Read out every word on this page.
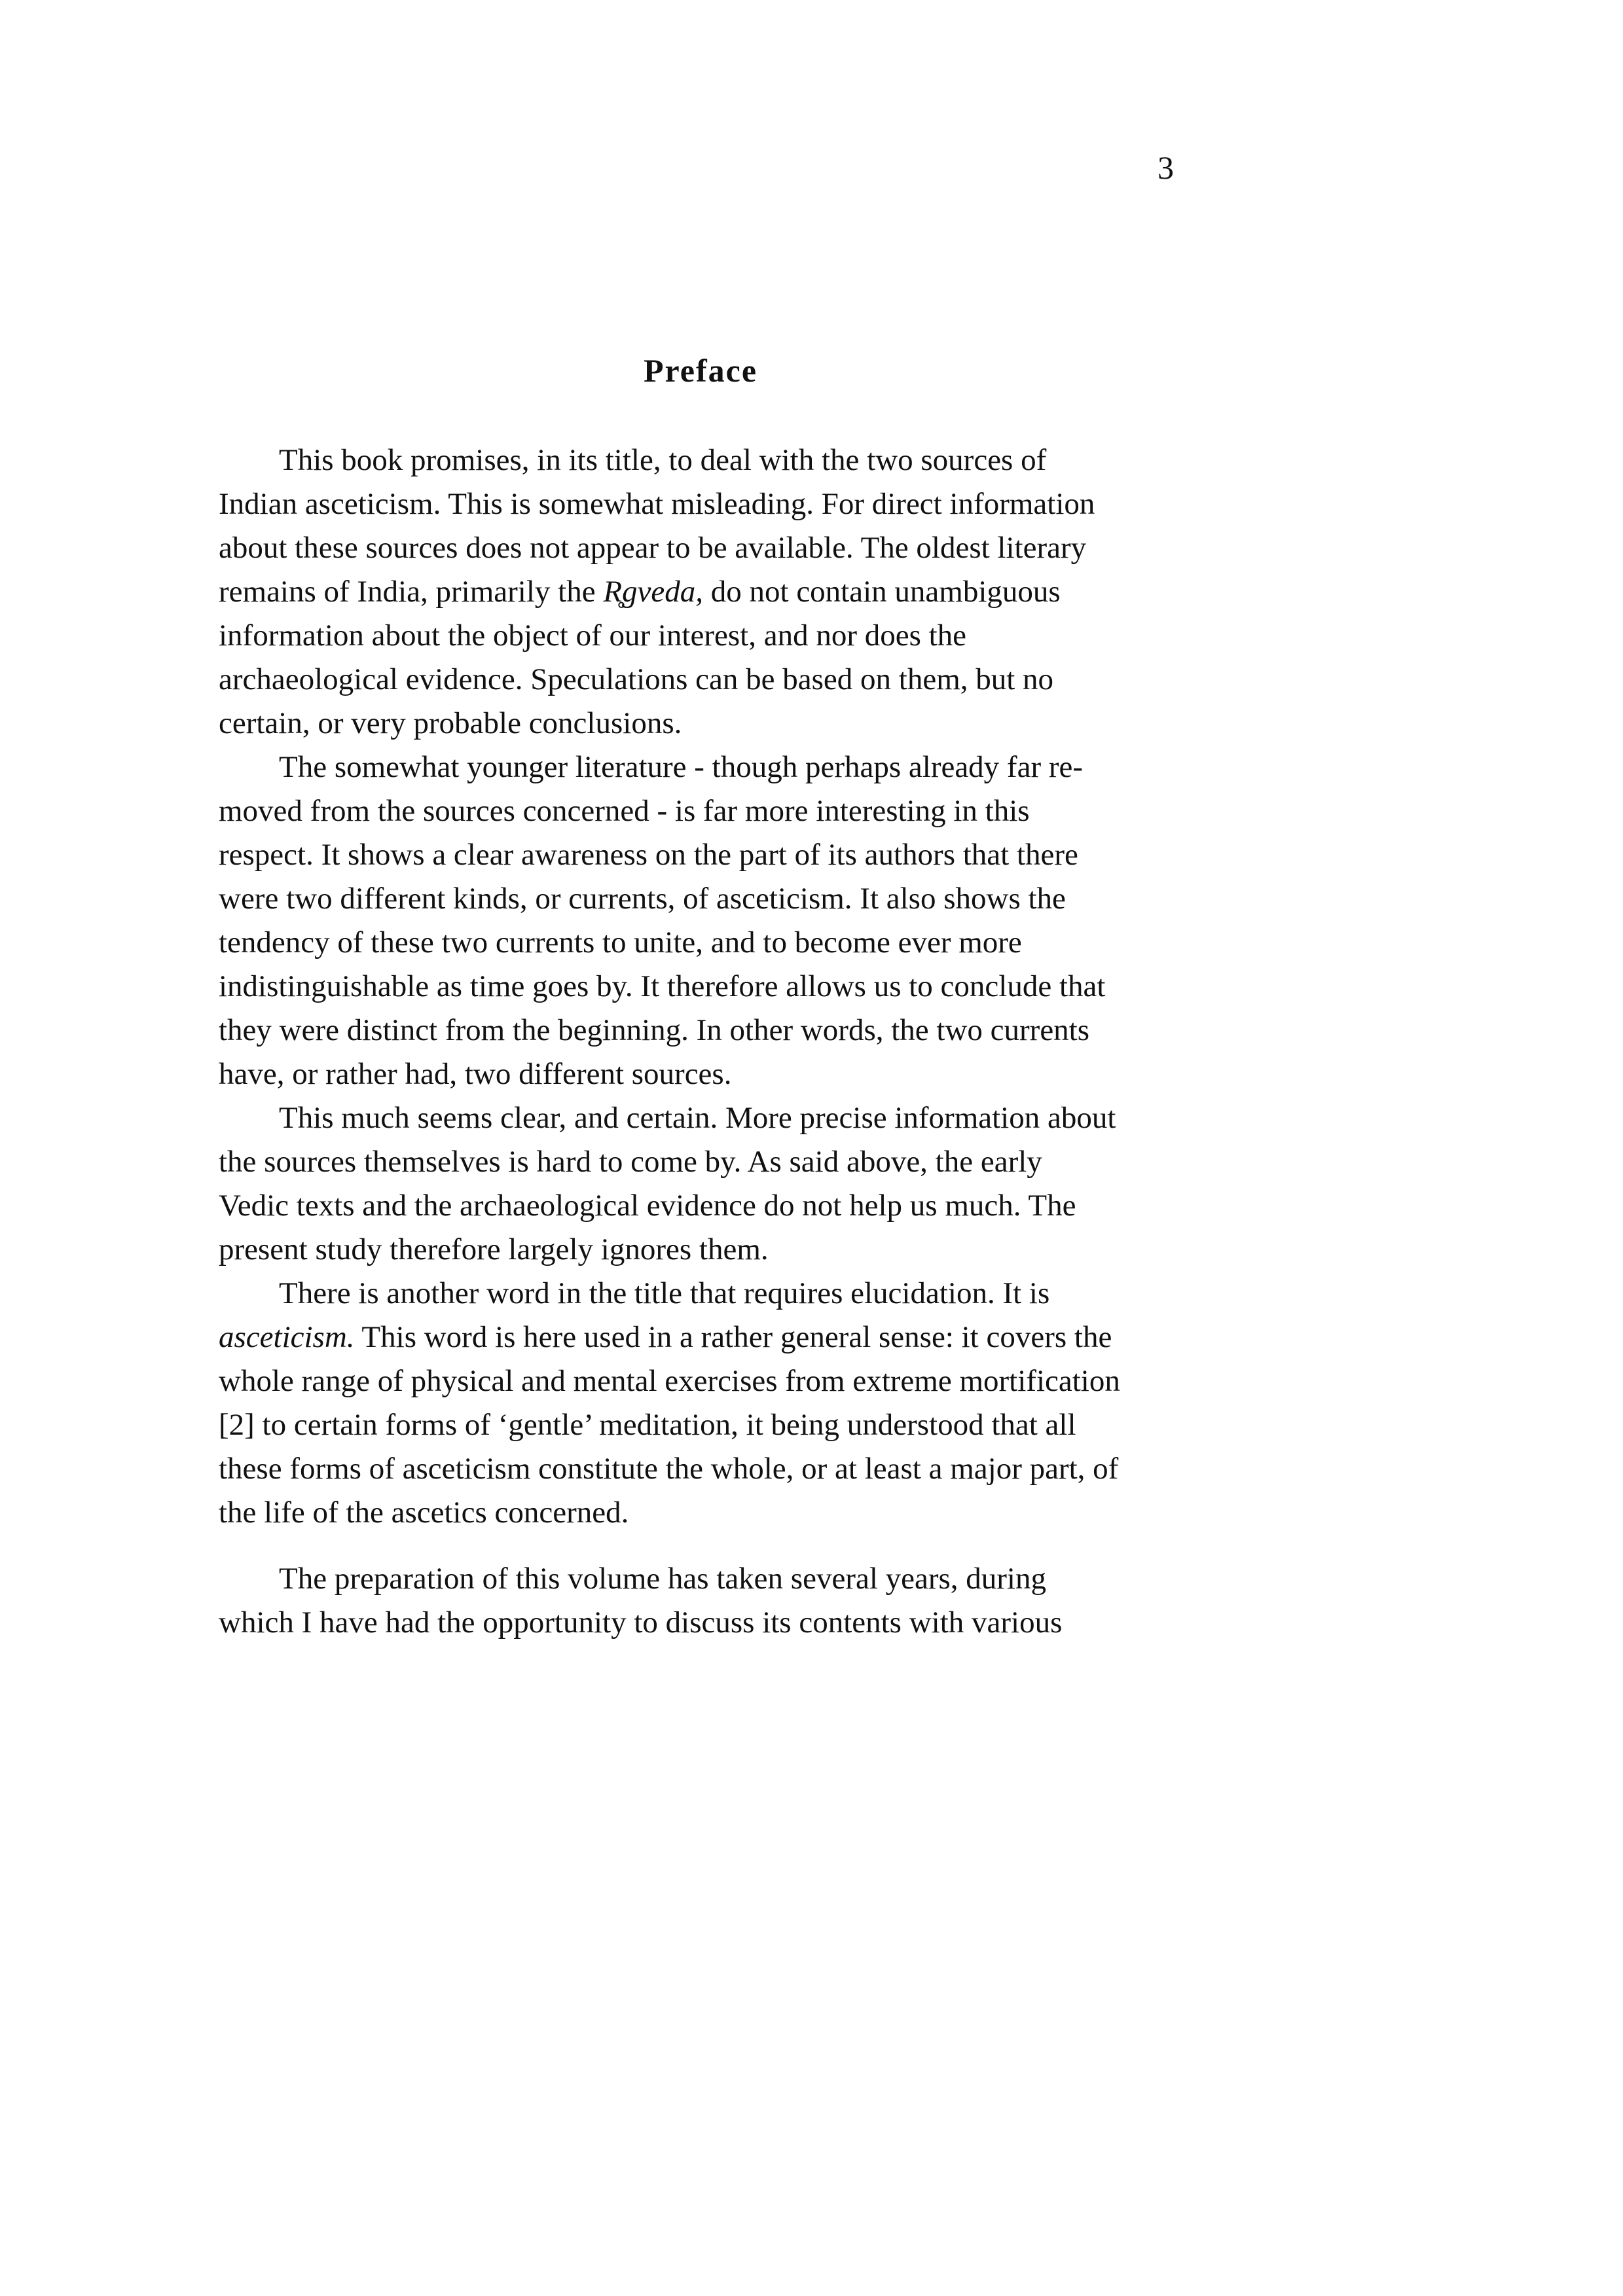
3
Preface
This book promises, in its title, to deal with the two sources of
Indian asceticism. This is somewhat misleading. For direct information
about these sources does not appear to be available. The oldest literary
remains of India, primarily the R̥gveda, do not contain unambiguous
information about the object of our interest, and nor does the
archaeological evidence. Speculations can be based on them, but no
certain, or very probable conclusions.
The somewhat younger literature - though perhaps already far re-
moved from the sources concerned - is far more interesting in this
respect. It shows a clear awareness on the part of its authors that there
were two different kinds, or currents, of asceticism. It also shows the
tendency of these two currents to unite, and to become ever more
indistinguishable as time goes by. It therefore allows us to conclude that
they were distinct from the beginning. In other words, the two currents
have, or rather had, two different sources.
This much seems clear, and certain. More precise information about
the sources themselves is hard to come by. As said above, the early
Vedic texts and the archaeological evidence do not help us much. The
present study therefore largely ignores them.
There is another word in the title that requires elucidation. It is
asceticism. This word is here used in a rather general sense: it covers the
whole range of physical and mental exercises from extreme mortification
[2] to certain forms of ‘gentle’ meditation, it being understood that all
these forms of asceticism constitute the whole, or at least a major part, of
the life of the ascetics concerned.
The preparation of this volume has taken several years, during
which I have had the opportunity to discuss its contents with various
